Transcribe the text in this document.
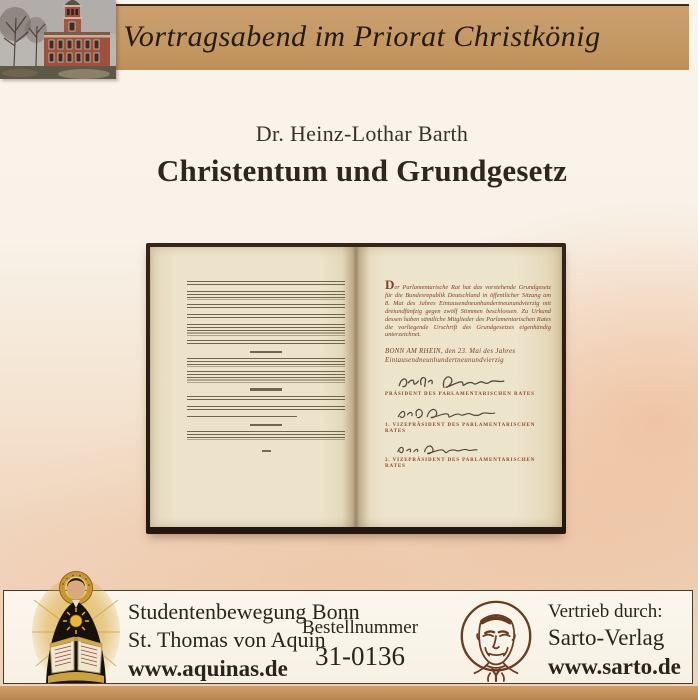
Vortragsabend im Priorat Christkönig
Dr. Heinz-Lothar Barth
Christentum und Grundgesetz

Der Parlamentarische Rat hat das vorstehende Grundgesetz für die Bundesrepublik Deutschland in öffentlicher Sitzung am 8. Mai des Jahres Eintausendneunhundertneunundvierzig mit dreiundfünfzig gegen zwölf Stimmen beschlossen. Zu Urkund dessen haben sämtliche Mitglieder des Parlamentarischen Rates die vorliegende Urschrift des Grundgesetzes eigenhändig unterzeichnet.

BONN AM RHEIN, den 23. Mai des Jahres
Eintausendneunhundertneunundvierzig

PRÄSIDENT DES PARLAMENTARISCHEN RATES

1. VIZEPRÄSIDENT DES PARLAMENTARISCHEN RATES

2. VIZEPRÄSIDENT DES PARLAMENTARISCHEN RATES

Studentenbewegung Bonn
St. Thomas von Aquin
www.aquinas.de
Bestellnummer
31-0136
Vertrieb durch:
Sarto-Verlag
www.sarto.de
